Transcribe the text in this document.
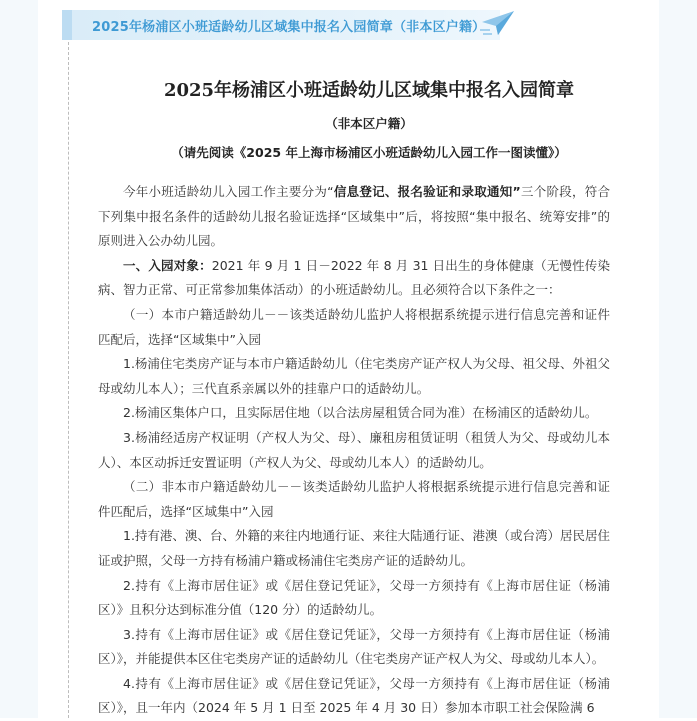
2025年杨浦区小班适龄幼儿区域集中报名入园简章（非本区户籍）
2025年杨浦区小班适龄幼儿区域集中报名入园简章
（非本区户籍）
（请先阅读《2025 年上海市杨浦区小班适龄幼儿入园工作一图读懂》）

今年小班适龄幼儿入园工作主要分为“信息登记、报名验证和录取通知”三个阶段，符合下列集中报名条件的适龄幼儿报名验证选择“区域集中”后，将按照“集中报名、统筹安排”的原则进入公办幼儿园。

一、入园对象：2021 年 9 月 1 日－2022 年 8 月 31 日出生的身体健康（无慢性传染病、智力正常、可正常参加集体活动）的小班适龄幼儿。且必须符合以下条件之一：

（一）本市户籍适龄幼儿－－该类适龄幼儿监护人将根据系统提示进行信息完善和证件匹配后，选择“区域集中”入园

1.杨浦住宅类房产证与本市户籍适龄幼儿（住宅类房产证产权人为父母、祖父母、外祖父母或幼儿本人）；三代直系亲属以外的挂靠户口的适龄幼儿。

2.杨浦区集体户口，且实际居住地（以合法房屋租赁合同为准）在杨浦区的适龄幼儿。

3.杨浦经适房产权证明（产权人为父、母）、廉租房租赁证明（租赁人为父、母或幼儿本人）、本区动拆迁安置证明（产权人为父、母或幼儿本人）的适龄幼儿。

（二）非本市户籍适龄幼儿－－该类适龄幼儿监护人将根据系统提示进行信息完善和证件匹配后，选择“区域集中”入园

1.持有港、澳、台、外籍的来往内地通行证、来往大陆通行证、港澳（或台湾）居民居住证或护照，父母一方持有杨浦户籍或杨浦住宅类房产证的适龄幼儿。

2.持有《上海市居住证》或《居住登记凭证》，父母一方须持有《上海市居住证（杨浦区）》且积分达到标准分值（120 分）的适龄幼儿。

3.持有《上海市居住证》或《居住登记凭证》，父母一方须持有《上海市居住证（杨浦区）》，并能提供本区住宅类房产证的适龄幼儿（住宅类房产证产权人为父、母或幼儿本人）。

4.持有《上海市居住证》或《居住登记凭证》，父母一方须持有《上海市居住证（杨浦区）》，且一年内（2024 年 5 月 1 日至 2025 年 4 月 30 日）参加本市职工社会保险满 6
